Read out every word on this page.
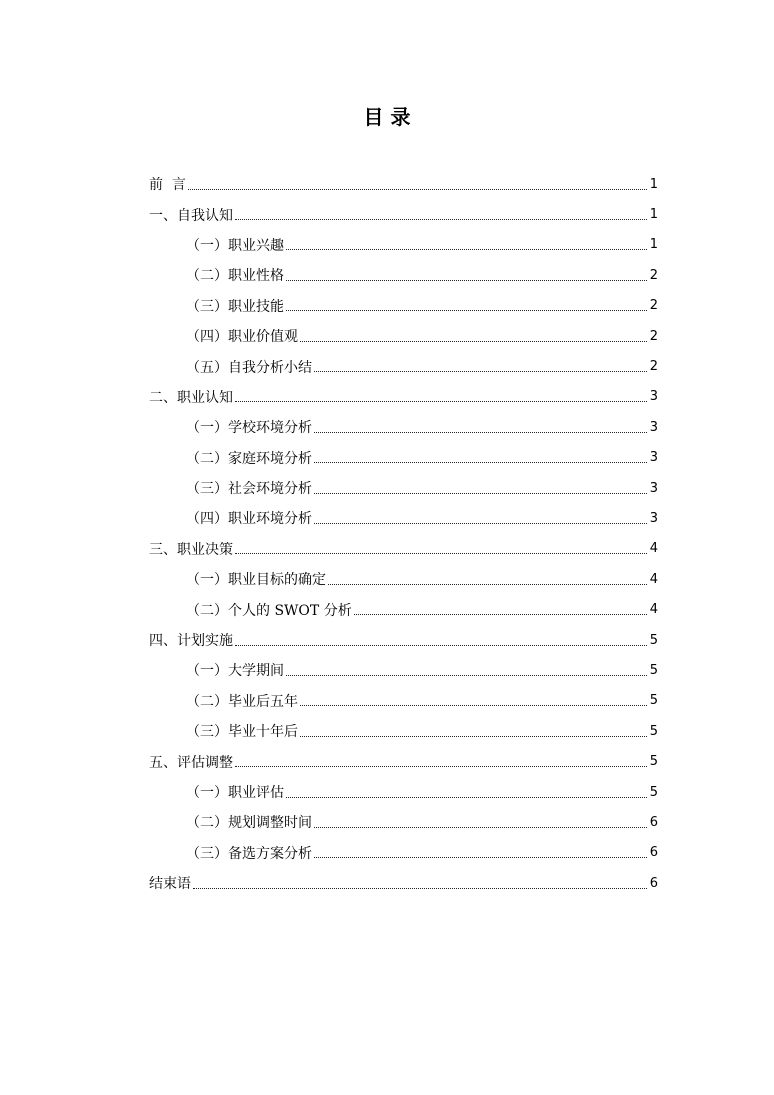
目 录
前  言	1
一、自我认知	1
（一）职业兴趣	1
（二）职业性格	2
（三）职业技能	2
（四）职业价值观	2
（五）自我分析小结	2
二、职业认知	3
（一）学校环境分析	3
（二）家庭环境分析	3
（三）社会环境分析	3
（四）职业环境分析	3
三、职业决策	4
（一）职业目标的确定	4
（二）个人的 SWOT 分析	4
四、计划实施	5
（一）大学期间	5
（二）毕业后五年	5
（三）毕业十年后	5
五、评估调整	5
（一）职业评估	5
（二）规划调整时间	6
（三）备选方案分析	6
结束语	6
